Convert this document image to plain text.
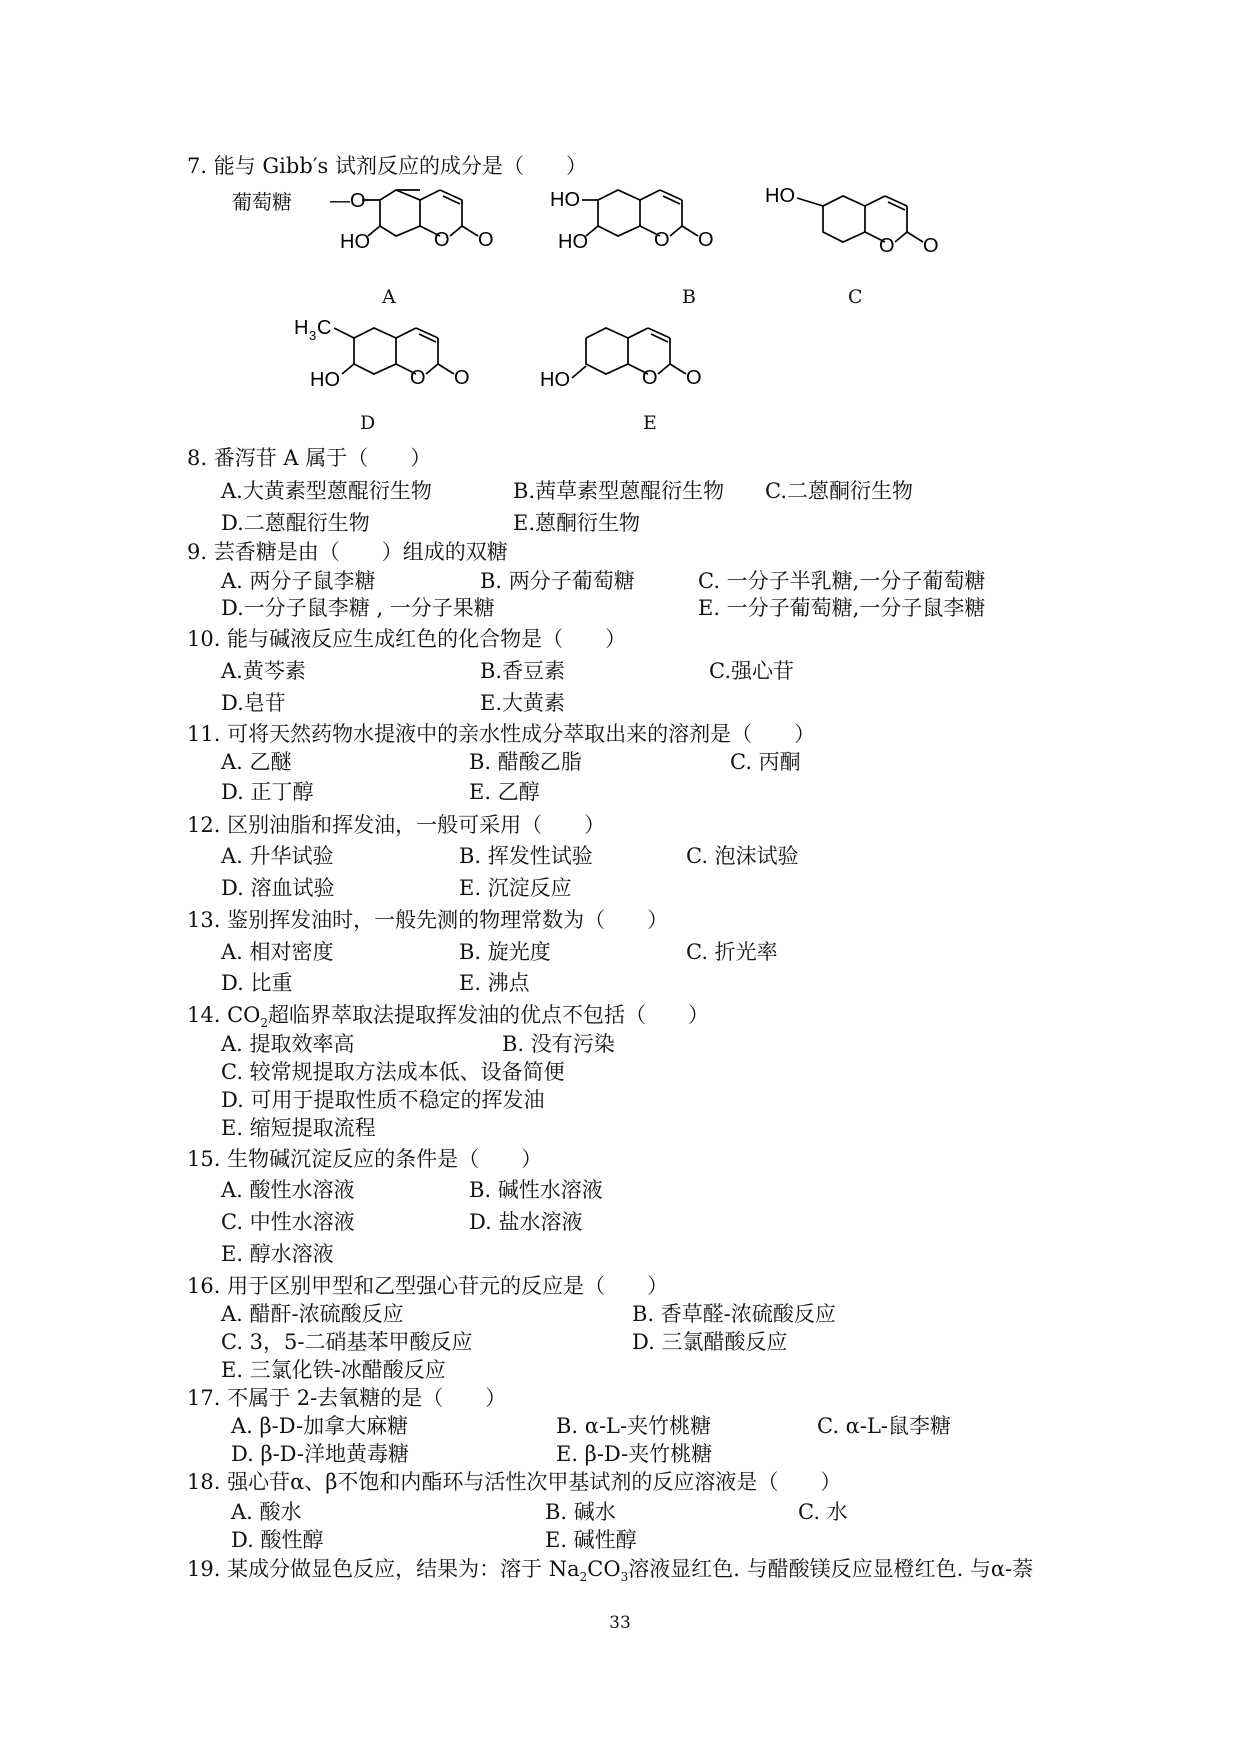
7. 能与 Gibb′s 试剂反应的成分是（　　）
葡萄糖 —O
O O
HO
A
HO
O O
HO
B
HO
O O
C
H 3 C
O O
HO
D
HO	O O
E
8. 番泻苷 A 属于（　　）
A.大黄素型蒽醌衍生物	B.茜草素型蒽醌衍生物 C.二蒽酮衍生物
D.二蒽醌衍生物	E.蒽酮衍生物
9. 芸香糖是由（　　）组成的双糖
A. 两分子鼠李糖	B. 两分子葡萄糖	C. 一分子半乳糖,一分子葡萄糖
D.一分子鼠李糖 , 一分子果糖	E. 一分子葡萄糖,一分子鼠李糖
10. 能与碱液反应生成红色的化合物是（　　）
A.黄芩素	B.香豆素	C.强心苷
D.皂苷	E.大黄素
11. 可将天然药物水提液中的亲水性成分萃取出来的溶剂是（　　）
A. 乙醚	B. 醋酸乙脂	C. 丙酮
D. 正丁醇	E. 乙醇
12. 区别油脂和挥发油，一般可采用（　　）
A. 升华试验	B. 挥发性试验	C. 泡沫试验
D. 溶血试验	E. 沉淀反应
13. 鉴别挥发油时，一般先测的物理常数为（　　）
A. 相对密度	B. 旋光度	C. 折光率
D. 比重	E. 沸点
14. $CO_2$超临界萃取法提取挥发油的优点不包括（　　）
A. 提取效率高	B. 没有污染
C. 较常规提取方法成本低、设备简便
D. 可用于提取性质不稳定的挥发油
E. 缩短提取流程
15. 生物碱沉淀反应的条件是（　　）
A. 酸性水溶液	B. 碱性水溶液
C. 中性水溶液	D. 盐水溶液
E. 醇水溶液
16. 用于区别甲型和乙型强心苷元的反应是（　　）
A. 醋酐-浓硫酸反应	B. 香草醛-浓硫酸反应
C. 3，5-二硝基苯甲酸反应	D. 三氯醋酸反应
E. 三氯化铁-冰醋酸反应
17. 不属于 2-去氧糖的是（　　）
A. β-D-加拿大麻糖	B. α-L-夹竹桃糖	C. α-L-鼠李糖
D. β-D-洋地黄毒糖	E. β-D-夹竹桃糖
18. 强心苷α、β不饱和内酯环与活性次甲基试剂的反应溶液是（　　）
A. 酸水	B. 碱水	C. 水
D. 酸性醇	E. 碱性醇
19. 某成分做显色反应，结果为：溶于 $Na_2CO_3$溶液显红色. 与醋酸镁反应显橙红色. 与α-萘
33
